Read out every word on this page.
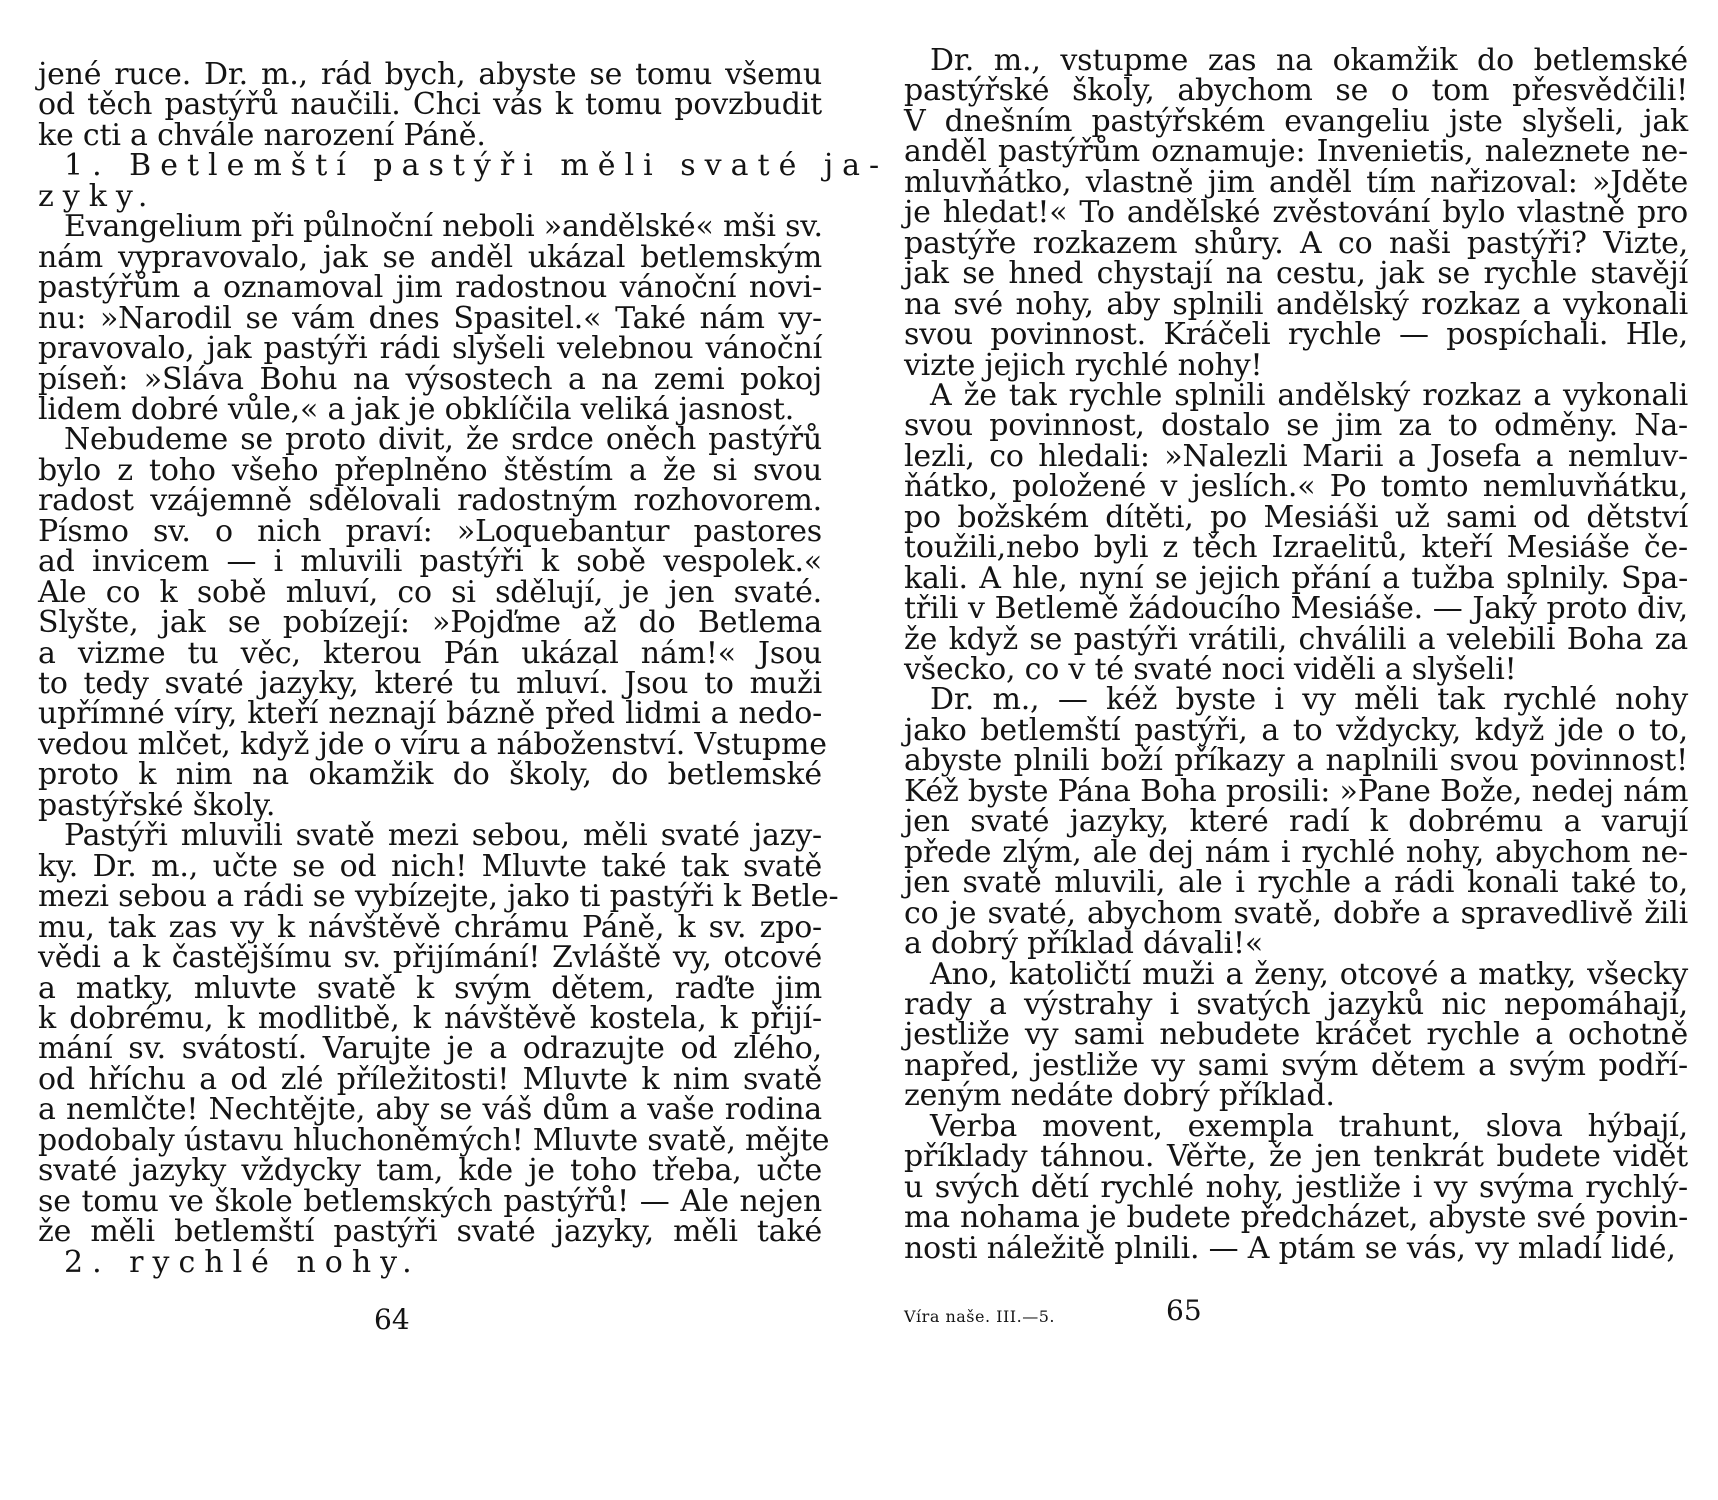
jené ruce. Dr. m., rád bych, abyste se tomu všemu
od těch pastýřů naučili. Chci vás k tomu povzbudit
ke cti a chvále narození Páně.
1. Betlemští pastýři měli svaté ja-
zyky.
Evangelium při půlnoční neboli »andělské« mši sv.
nám vypravovalo, jak se anděl ukázal betlemským
pastýřům a oznamoval jim radostnou vánoční novi-
nu: »Narodil se vám dnes Spasitel.« Také nám vy-
pravovalo, jak pastýři rádi slyšeli velebnou vánoční
píseň: »Sláva Bohu na výsostech a na zemi pokoj
lidem dobré vůle,« a jak je obklíčila veliká jasnost.
Nebudeme se proto divit, že srdce oněch pastýřů
bylo z toho všeho přeplněno štěstím a že si svou
radost vzájemně sdělovali radostným rozhovorem.
Písmo sv. o nich praví: »Loquebantur pastores
ad invicem — i mluvili pastýři k sobě vespolek.«
Ale co k sobě mluví, co si sdělují, je jen svaté.
Slyšte, jak se pobízejí: »Pojďme až do Betlema
a vizme tu věc, kterou Pán ukázal nám!« Jsou
to tedy svaté jazyky, které tu mluví. Jsou to muži
upřímné víry, kteří neznají bázně před lidmi a nedo-
vedou mlčet, když jde o víru a náboženství. Vstupme
proto k nim na okamžik do školy, do betlemské
pastýřské školy.
Pastýři mluvili svatě mezi sebou, měli svaté jazy-
ky. Dr. m., učte se od nich! Mluvte také tak svatě
mezi sebou a rádi se vybízejte, jako ti pastýři k Betle-
mu, tak zas vy k návštěvě chrámu Páně, k sv. zpo-
vědi a k častějšímu sv. přijímání! Zvláště vy, otcové
a matky, mluvte svatě k svým dětem, raďte jim
k dobrému, k modlitbě, k návštěvě kostela, k přijí-
mání sv. svátostí. Varujte je a odrazujte od zlého,
od hříchu a od zlé příležitosti! Mluvte k nim svatě
a nemlčte! Nechtějte, aby se váš dům a vaše rodina
podobaly ústavu hluchoněmých! Mluvte svatě, mějte
svaté jazyky vždycky tam, kde je toho třeba, učte
se tomu ve škole betlemských pastýřů! — Ale nejen
že měli betlemští pastýři svaté jazyky, měli také
2. rychlé nohy.
64
Dr. m., vstupme zas na okamžik do betlemské
pastýřské školy, abychom se o tom přesvědčili!
V dnešním pastýřském evangeliu jste slyšeli, jak
anděl pastýřům oznamuje: Invenietis, naleznete ne-
mluvňátko, vlastně jim anděl tím nařizoval: »Jděte
je hledat!« To andělské zvěstování bylo vlastně pro
pastýře rozkazem shůry. A co naši pastýři? Vizte,
jak se hned chystají na cestu, jak se rychle stavějí
na své nohy, aby splnili andělský rozkaz a vykonali
svou povinnost. Kráčeli rychle — pospíchali. Hle,
vizte jejich rychlé nohy!
A že tak rychle splnili andělský rozkaz a vykonali
svou povinnost, dostalo se jim za to odměny. Na-
lezli, co hledali: »Nalezli Marii a Josefa a nemluv-
ňátko, položené v jeslích.« Po tomto nemluvňátku,
po božském dítěti, po Mesiáši už sami od dětství
toužili,nebo byli z těch Izraelitů, kteří Mesiáše če-
kali. A hle, nyní se jejich přání a tužba splnily. Spa-
třili v Betlemě žádoucího Mesiáše. — Jaký proto div,
že když se pastýři vrátili, chválili a velebili Boha za
všecko, co v té svaté noci viděli a slyšeli!
Dr. m., — kéž byste i vy měli tak rychlé nohy
jako betlemští pastýři, a to vždycky, když jde o to,
abyste plnili boží příkazy a naplnili svou povinnost!
Kéž byste Pána Boha prosili: »Pane Bože, nedej nám
jen svaté jazyky, které radí k dobrému a varují
přede zlým, ale dej nám i rychlé nohy, abychom ne-
jen svatě mluvili, ale i rychle a rádi konali také to,
co je svaté, abychom svatě, dobře a spravedlivě žili
a dobrý příklad dávali!«
Ano, katoličtí muži a ženy, otcové a matky, všecky
rady a výstrahy i svatých jazyků nic nepomáhají,
jestliže vy sami nebudete kráčet rychle a ochotně
napřed, jestliže vy sami svým dětem a svým podří-
zeným nedáte dobrý příklad.
Verba movent, exempla trahunt, slova hýbají,
příklady táhnou. Věřte, že jen tenkrát budete vidět
u svých dětí rychlé nohy, jestliže i vy svýma rychlý-
ma nohama je budete předcházet, abyste své povin-
nosti náležitě plnili. — A ptám se vás, vy mladí lidé,
65
Víra naše. III.—5.
